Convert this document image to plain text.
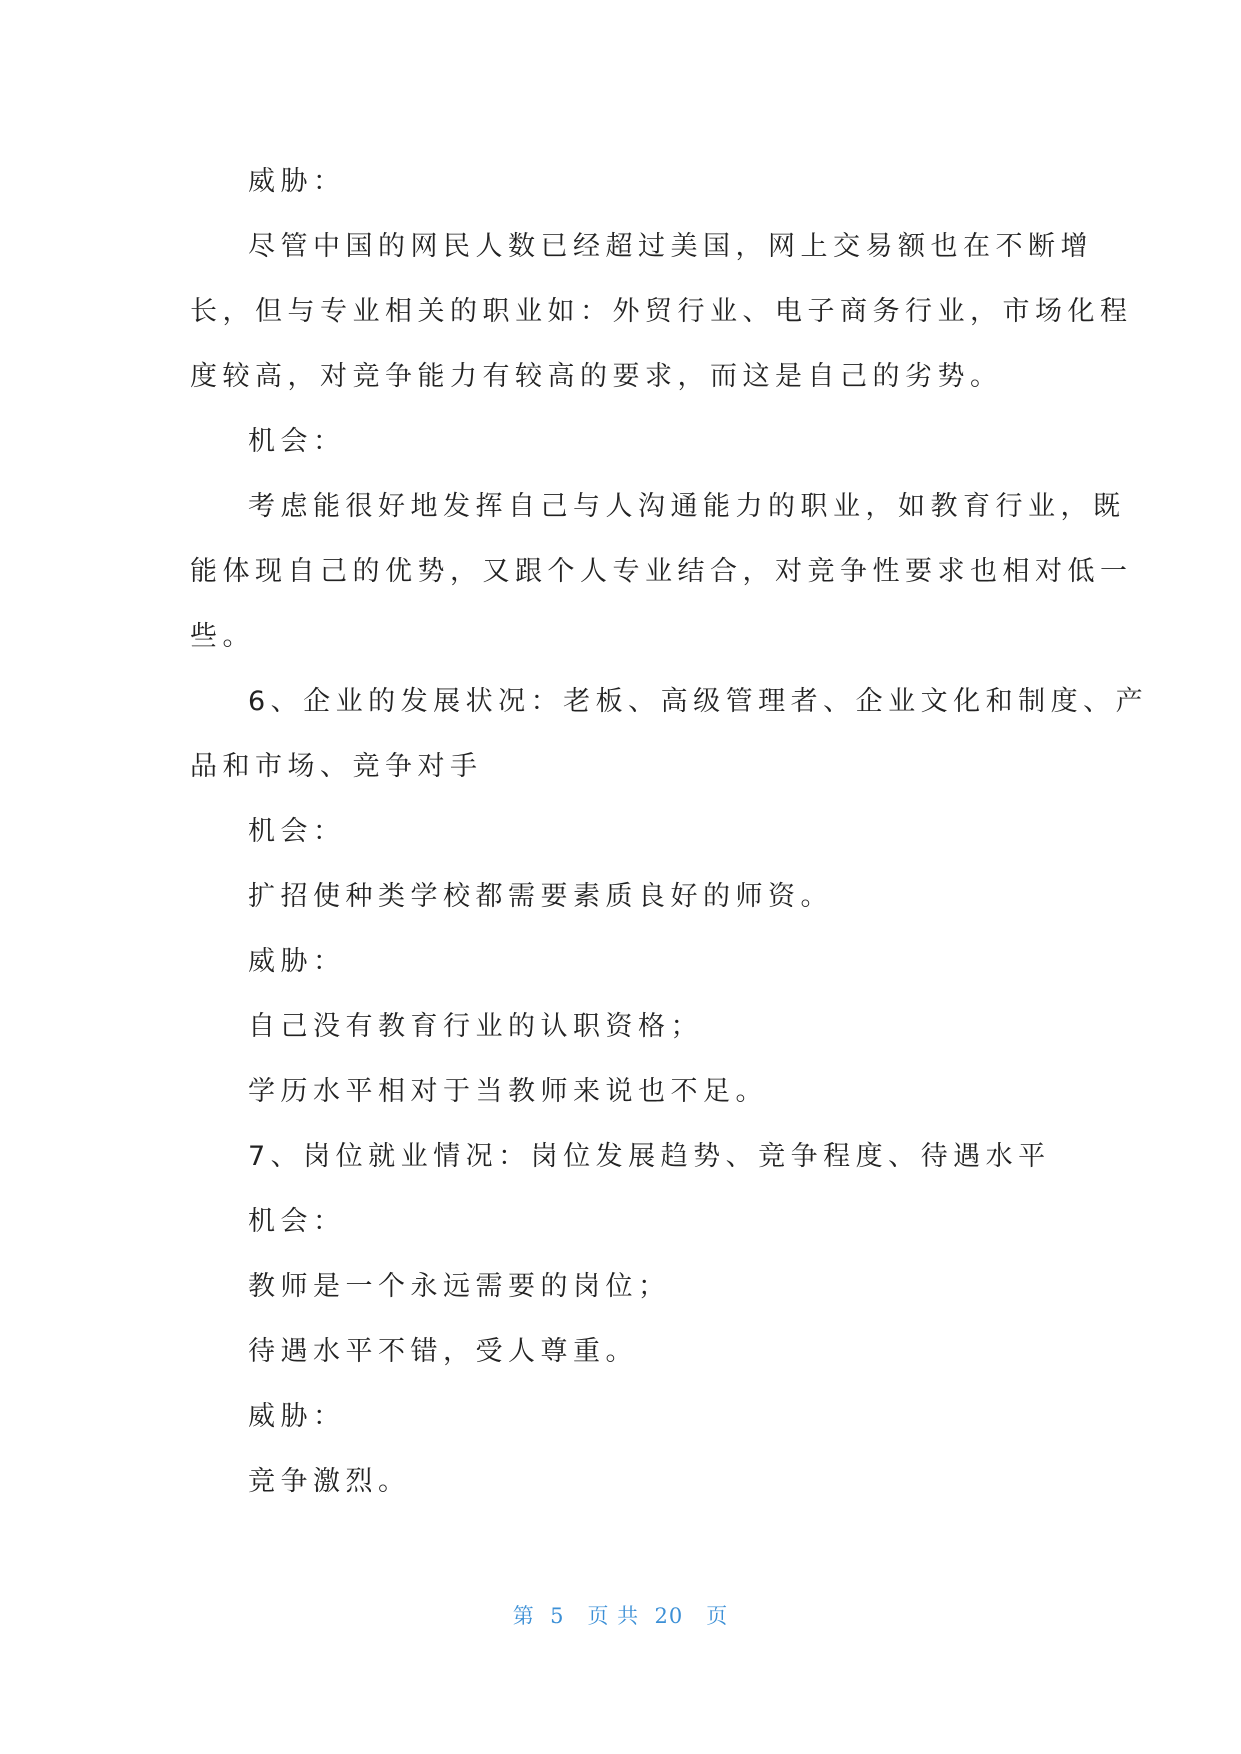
威胁：
尽管中国的网民人数已经超过美国，网上交易额也在不断增
长，但与专业相关的职业如：外贸行业、电子商务行业，市场化程
度较高，对竞争能力有较高的要求，而这是自己的劣势。
机会：
考虑能很好地发挥自己与人沟通能力的职业，如教育行业，既
能体现自己的优势，又跟个人专业结合，对竞争性要求也相对低一
些。
6、企业的发展状况：老板、高级管理者、企业文化和制度、产
品和市场、竞争对手
机会：
扩招使种类学校都需要素质良好的师资。
威胁：
自己没有教育行业的认职资格；
学历水平相对于当教师来说也不足。
7、岗位就业情况：岗位发展趋势、竞争程度、待遇水平
机会：
教师是一个永远需要的岗位；
待遇水平不错，受人尊重。
威胁：
竞争激烈。
第  5   页 共  20   页
